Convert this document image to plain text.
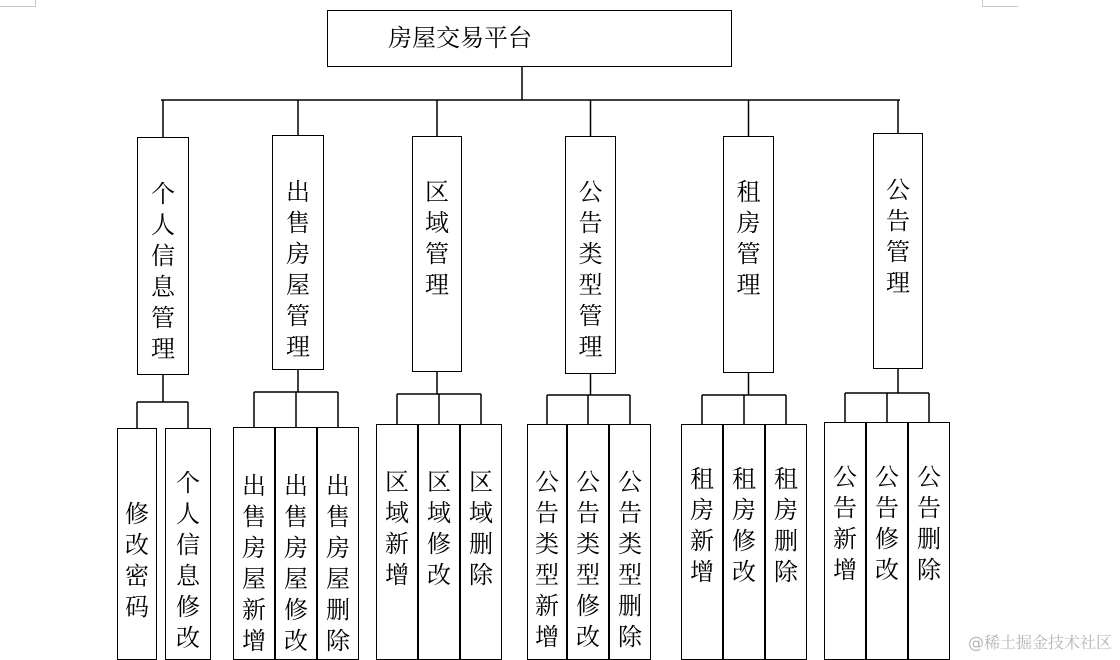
房屋交易平台
个
人
信
息
管
理
修
改
密
码
个
人
信
息
修
改
出
售
房
屋
管
理
出
售
房
屋
新
增
出
售
房
屋
修
改
出
售
房
屋
删
除
区
域
管
理
区
域
新
增
区
域
修
改
区
域
删
除
公
告
类
型
管
理
公
告
类
型
新
增
公
告
类
型
修
改
公
告
类
型
删
除
租
房
管
理
租
房
新
增
租
房
修
改
租
房
删
除
公
告
管
理
公
告
新
增
公
告
修
改
公
告
删
除
@稀土掘金技术社区
